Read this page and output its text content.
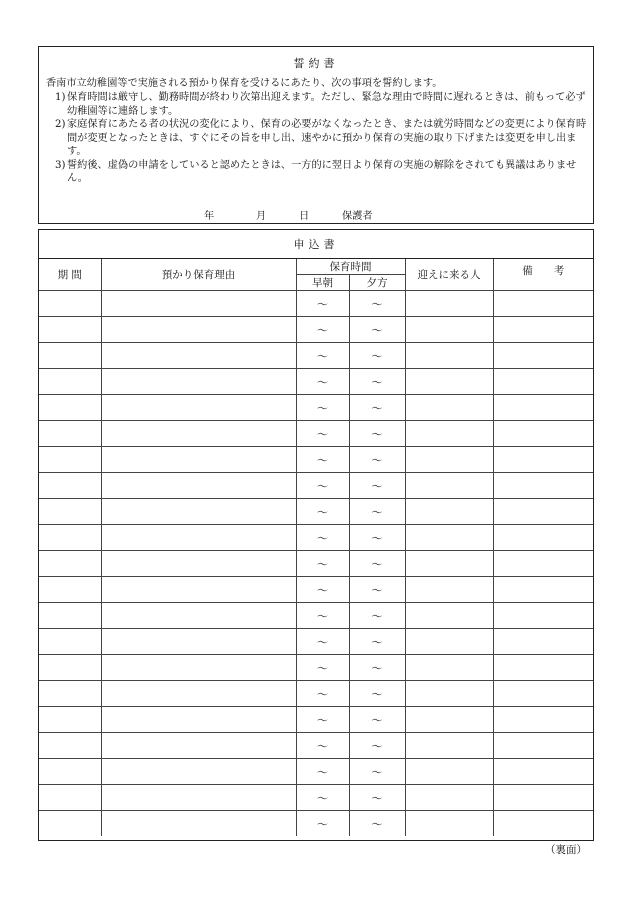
誓約書
香南市立幼稚園等で実施される預かり保育を受けるにあたり、次の事項を誓約します。
1) 保育時間は厳守し、勤務時間が終わり次第出迎えます。ただし、緊急な理由で時間に遅れるときは、前もって必ず幼稚園等に連絡します。
2) 家庭保育にあたる者の状況の変化により、保育の必要がなくなったとき、または就労時間などの変更により保育時間が変更となったときは、すぐにその旨を申し出、速やかに預かり保育の実施の取り下げまたは変更を申し出ます。
3) 誓約後、虚偽の申請をしていると認めたときは、一方的に翌日より保育の実施の解除をされても異議はありません。
年	月	日	保護者
申込書
期 間	預かり保育理由	保育時間		迎えに来る人	備　　考
		早朝	夕方		
		～	～		
		～	～		
		～	～		
		～	～		
		～	～		
		～	～		
		～	～		
		～	～		
		～	～		
		～	～		
		～	～		
		～	～		
		～	～		
		～	～		
		～	～		
		～	～		
		～	～		
		～	～		
		～	～		
		～	～		
		～	～		
（裏面）
